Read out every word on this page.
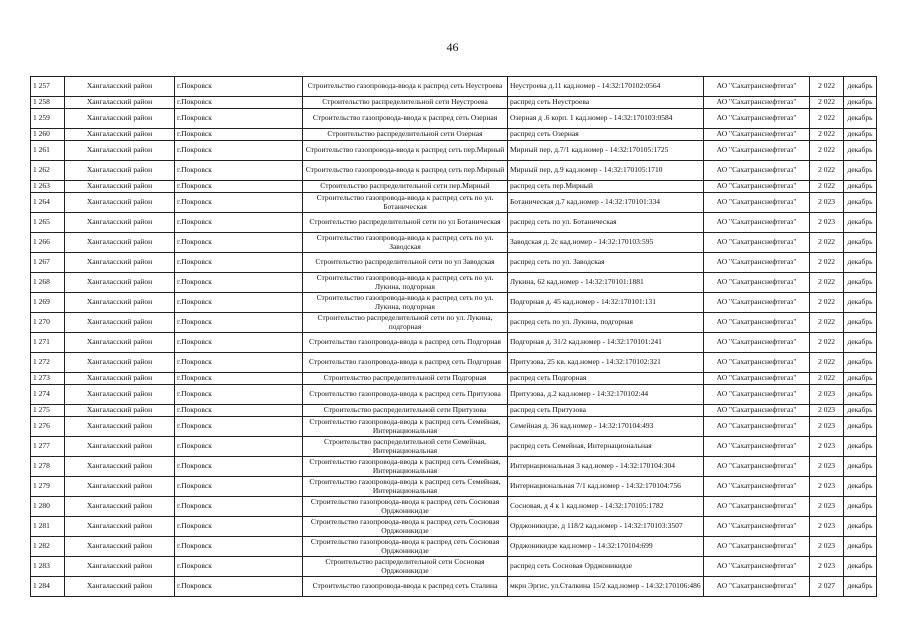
46
1 257	Хангаласский район	г.Покровск	Строительство газопровода-ввода к распред сеть Неустроева	Неустроева д.11 кад.номер - 14:32:170102:0564	АО "Сахатранснефтегаз"	2 022	декабрь
1 258	Хангаласский район	г.Покровск	Строительство распределительной сети Неустроева	распред сеть Неустроева	АО "Сахатранснефтегаз"	2 022	декабрь
1 259	Хангаласский район	г.Покровск	Строительство газопровода-ввода к распред сеть Озерная	Озерная д .6 корп. 1 кад.номер - 14:32:170103:0584	АО "Сахатранснефтегаз"	2 022	декабрь
1 260	Хангаласский район	г.Покровск	Строительство распределительной сети Озерная	распред сеть Озерная	АО "Сахатранснефтегаз"	2 022	декабрь
1 261	Хангаласский район	г.Покровск	Строительство газопровода-ввода к распред сеть пер.Мирный	Мирный пер, д.7/1 кад.номер - 14:32:170105:1725	АО "Сахатранснефтегаз"	2 022	декабрь
1 262	Хангаласский район	г.Покровск	Строительство газопровода-ввода к распред сеть пер.Мирный	Мирный пер, д.9 кад.номер - 14:32:170105:1710	АО "Сахатранснефтегаз"	2 022	декабрь
1 263	Хангаласский район	г.Покровск	Строительство распределительной сети пер.Мирный	распред сеть пер.Мирный	АО "Сахатранснефтегаз"	2 022	декабрь
1 264	Хангаласский район	г.Покровск	Строительство газопровода-ввода к распред сеть по ул. Ботаническая	Ботаническая д.7 кад.номер - 14:32:170101:334	АО "Сахатранснефтегаз"	2 023	декабрь
1 265	Хангаласский район	г.Покровск	Строительство распределительной сети по ул Ботаническая	распред сеть по ул. Ботаническая	АО "Сахатранснефтегаз"	2 023	декабрь
1 266	Хангаласский район	г.Покровск	Строительство газопровода-ввода к распред сеть по ул. Заводская	Заводская д. 2с кад.номер - 14:32:170103:595	АО "Сахатранснефтегаз"	2 022	декабрь
1 267	Хангаласский район	г.Покровск	Строительство распределительной сети по ул Заводская	распред сеть по ул. Заводская	АО "Сахатранснефтегаз"	2 022	декабрь
1 268	Хангаласский район	г.Покровск	Строительство газопровода-ввода к распред сеть по ул. Лукина, подгорная	Лукина, 62 кад.номер - 14:32:170101:1881	АО "Сахатранснефтегаз"	2 022	декабрь
1 269	Хангаласский район	г.Покровск	Строительство газопровода-ввода к распред сеть по ул. Лукина, подгорная	Подгорная д. 45 кад.номер - 14:32:170101:131	АО "Сахатранснефтегаз"	2 022	декабрь
1 270	Хангаласский район	г.Покровск	Строительство распределительной сети по ул. Лукина, подгорная	распред сеть по ул. Лукина, подгорная	АО "Сахатранснефтегаз"	2 022	декабрь
1 271	Хангаласский район	г.Покровск	Строительство газопровода-ввода к распред сеть Подгорная	Подгорная д. 31/2 кад.номер - 14:32:170101:241	АО "Сахатранснефтегаз"	2 022	декабрь
1 272	Хангаласский район	г.Покровск	Строительство газопровода-ввода к распред сеть Подгорная	Притузова, 25 кв. кад.номер - 14:32:170102:321	АО "Сахатранснефтегаз"	2 022	декабрь
1 273	Хангаласский район	г.Покровск	Строительство распределительной сети Подгорная	распред сеть Подгорная	АО "Сахатранснефтегаз"	2 022	декабрь
1 274	Хангаласский район	г.Покровск	Строительство газопровода-ввода к распред сеть Притузова	Притузова, д.2 кад.номер - 14:32:170102:44	АО "Сахатранснефтегаз"	2 023	декабрь
1 275	Хангаласский район	г.Покровск	Строительство распределительной сети Притузова	распред сеть Притузова	АО "Сахатранснефтегаз"	2 023	декабрь
1 276	Хангаласский район	г.Покровск	Строительство газопровода-ввода к распред сеть Семейная, Интернациональная	Семейная д. 36 кад.номер - 14:32:170104:493	АО "Сахатранснефтегаз"	2 023	декабрь
1 277	Хангаласский район	г.Покровск	Строительство распределительной сети Семейная, Интернациональная	распред сеть Семейная, Интернациональная	АО "Сахатранснефтегаз"	2 023	декабрь
1 278	Хангаласский район	г.Покровск	Строительство газопровода-ввода к распред сеть Семейная, Интернациональная	Интернациональная 3 кад.номер - 14:32:170104:304	АО "Сахатранснефтегаз"	2 023	декабрь
1 279	Хангаласский район	г.Покровск	Строительство газопровода-ввода к распред сеть Семейная, Интернациональная	Интернациональная 7/1 кад.номер - 14:32:170104:756	АО "Сахатранснефтегаз"	2 023	декабрь
1 280	Хангаласский район	г.Покровск	Строительство газопровода-ввода к распред сеть Сосновая Орджоникидзе	Сосновая, д 4 к 1 кад.номер - 14:32:170105:1782	АО "Сахатранснефтегаз"	2 023	декабрь
1 281	Хангаласский район	г.Покровск	Строительство газопровода-ввода к распред сеть Сосновая Орджоникидзе	Орджоникидзе, д 118/2 кад.номер - 14:32:170103:3507	АО "Сахатранснефтегаз"	2 023	декабрь
1 282	Хангаласский район	г.Покровск	Строительство газопровода-ввода к распред сеть Сосновая Орджоникидзе	Орджоникидзе кад.номер - 14:32:170104:699	АО "Сахатранснефтегаз"	2 023	декабрь
1 283	Хангаласский район	г.Покровск	Строительство распределительной сети Сосновая Орджоникидзе	распред сеть Сосновая Орджоникидзе	АО "Сахатранснефтегаз"	2 023	декабрь
1 284	Хангаласский район	г.Покровск	Строительство газопровода-ввода к распред сеть Сталина	мкрн Эргис, ул.Сталкина 15/2 кад.номер - 14:32:170106:486	АО "Сахатранснефтегаз"	2 027	декабрь
